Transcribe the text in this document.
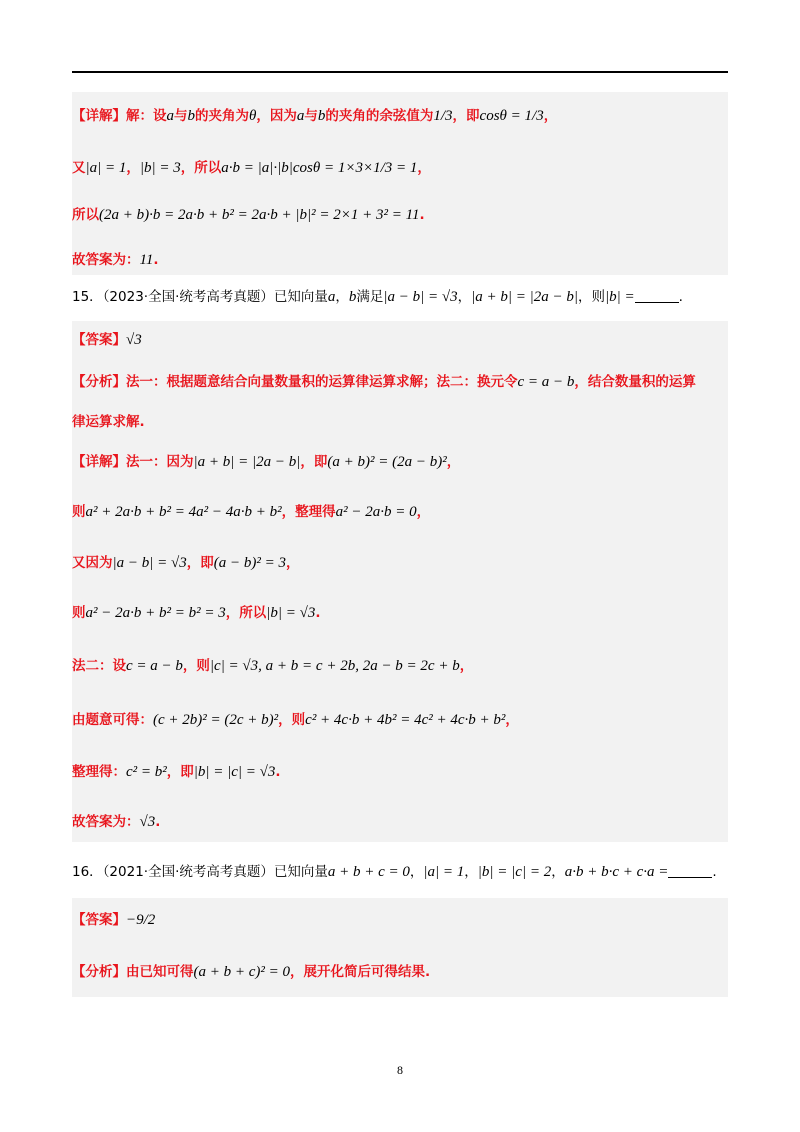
【详解】解：设a与b的夹角为θ，因为a与b的夹角的余弦值为1/3，即cosθ = 1/3，
又|a| = 1，|b| = 3，所以a·b = |a|·|b|cosθ = 1×3×1/3 = 1，
所以(2a + b)·b = 2a·b + b² = 2a·b + |b|² = 2×1 + 3² = 11.
故答案为：11.
15．（2023·全国·统考高考真题）已知向量a，b满足|a − b| = √3，|a + b| = |2a − b|，则|b| =	.
【答案】√3
【分析】法一：根据题意结合向量数量积的运算律运算求解；法二：换元令c = a − b，结合数量积的运算
律运算求解.
【详解】法一：因为|a + b| = |2a − b|，即(a + b)² = (2a − b)²，
则a² + 2a·b + b² = 4a² − 4a·b + b²，整理得a² − 2a·b = 0，
又因为|a − b| = √3，即(a − b)² = 3，
则a² − 2a·b + b² = b² = 3，所以|b| = √3.
法二：设c = a − b，则|c| = √3, a + b = c + 2b, 2a − b = 2c + b，
由题意可得：(c + 2b)² = (2c + b)²，则c² + 4c·b + 4b² = 4c² + 4c·b + b²，
整理得：c² = b²，即|b| = |c| = √3.
故答案为：√3.
16．（2021·全国·统考高考真题）已知向量a + b + c = 0，|a| = 1，|b| = |c| = 2，a·b + b·c + c·a =	.
【答案】−9/2
【分析】由已知可得(a + b + c)² = 0，展开化简后可得结果.
8
